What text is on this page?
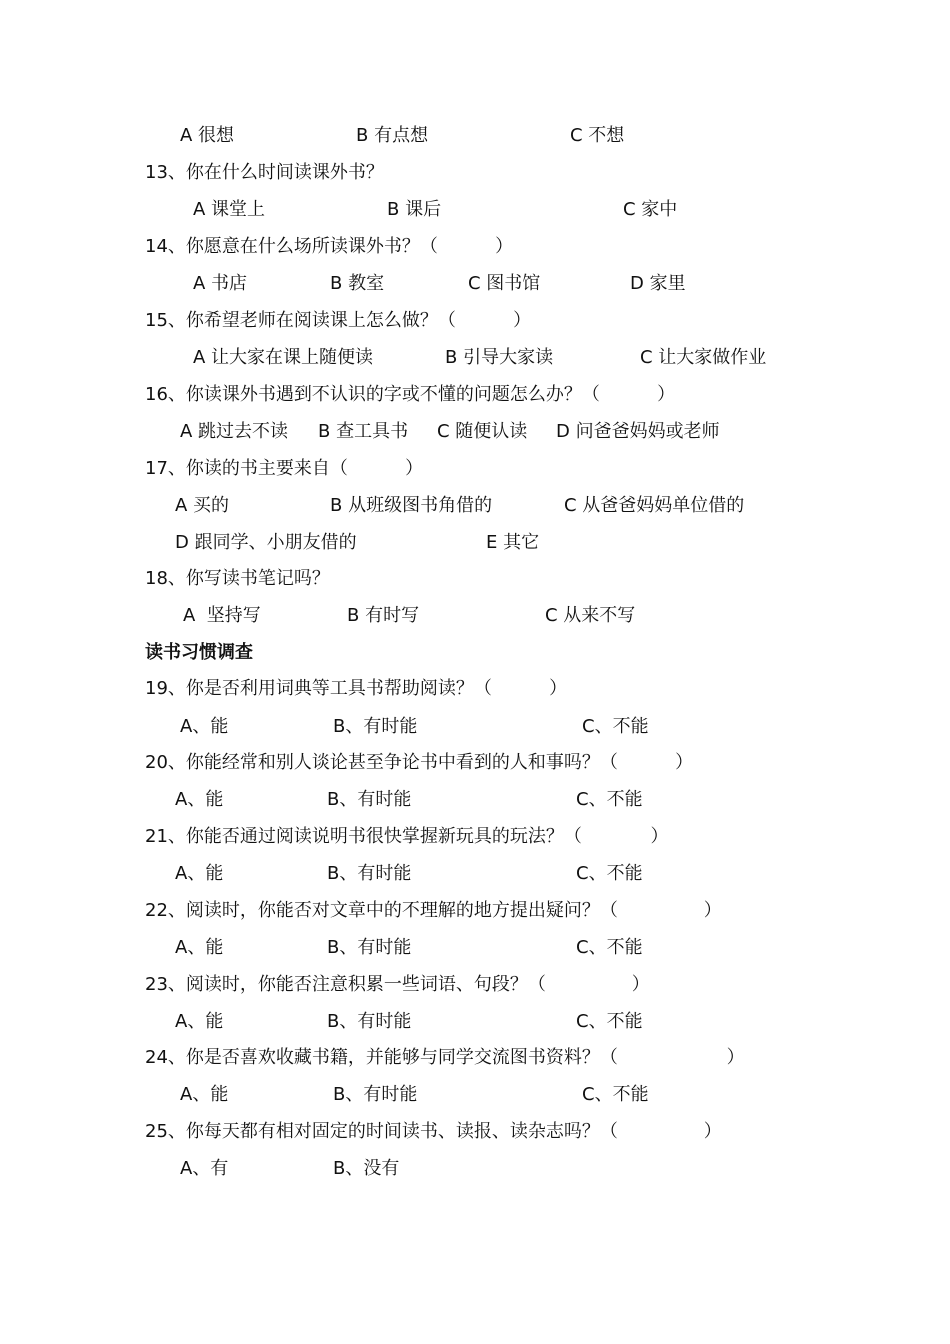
A 很想	B 有点想	C 不想
13、你在什么时间读课外书？
A 课堂上	B 课后	C 家中
14、你愿意在什么场所读课外书？（          ）
A 书店	B 教室	C 图书馆	D 家里
15、你希望老师在阅读课上怎么做？（          ）
A 让大家在课上随便读	B 引导大家读	C 让大家做作业
16、你读课外书遇到不认识的字或不懂的问题怎么办？（          ）
A 跳过去不读 B 查工具书 C 随便认读 D 问爸爸妈妈或老师
17、你读的书主要来自（          ）
A 买的	B 从班级图书角借的	C 从爸爸妈妈单位借的
D 跟同学、小朋友借的	E 其它
18、你写读书笔记吗？
A  坚持写	B 有时写	C 从来不写
读书习惯调查
19、你是否利用词典等工具书帮助阅读？（          ）
A、能	B、有时能	C、不能
20、你能经常和别人谈论甚至争论书中看到的人和事吗？（          ）
A、能	B、有时能	C、不能
21、你能否通过阅读说明书很快掌握新玩具的玩法？（            ）
A、能	B、有时能	C、不能
22、阅读时，你能否对文章中的不理解的地方提出疑问？（               ）
A、能	B、有时能	C、不能
23、阅读时，你能否注意积累一些词语、句段？（               ）
A、能	B、有时能	C、不能
24、你是否喜欢收藏书籍，并能够与同学交流图书资料？（                   ）
A、能	B、有时能	C、不能
25、你每天都有相对固定的时间读书、读报、读杂志吗？（               ）
A、有	B、没有
